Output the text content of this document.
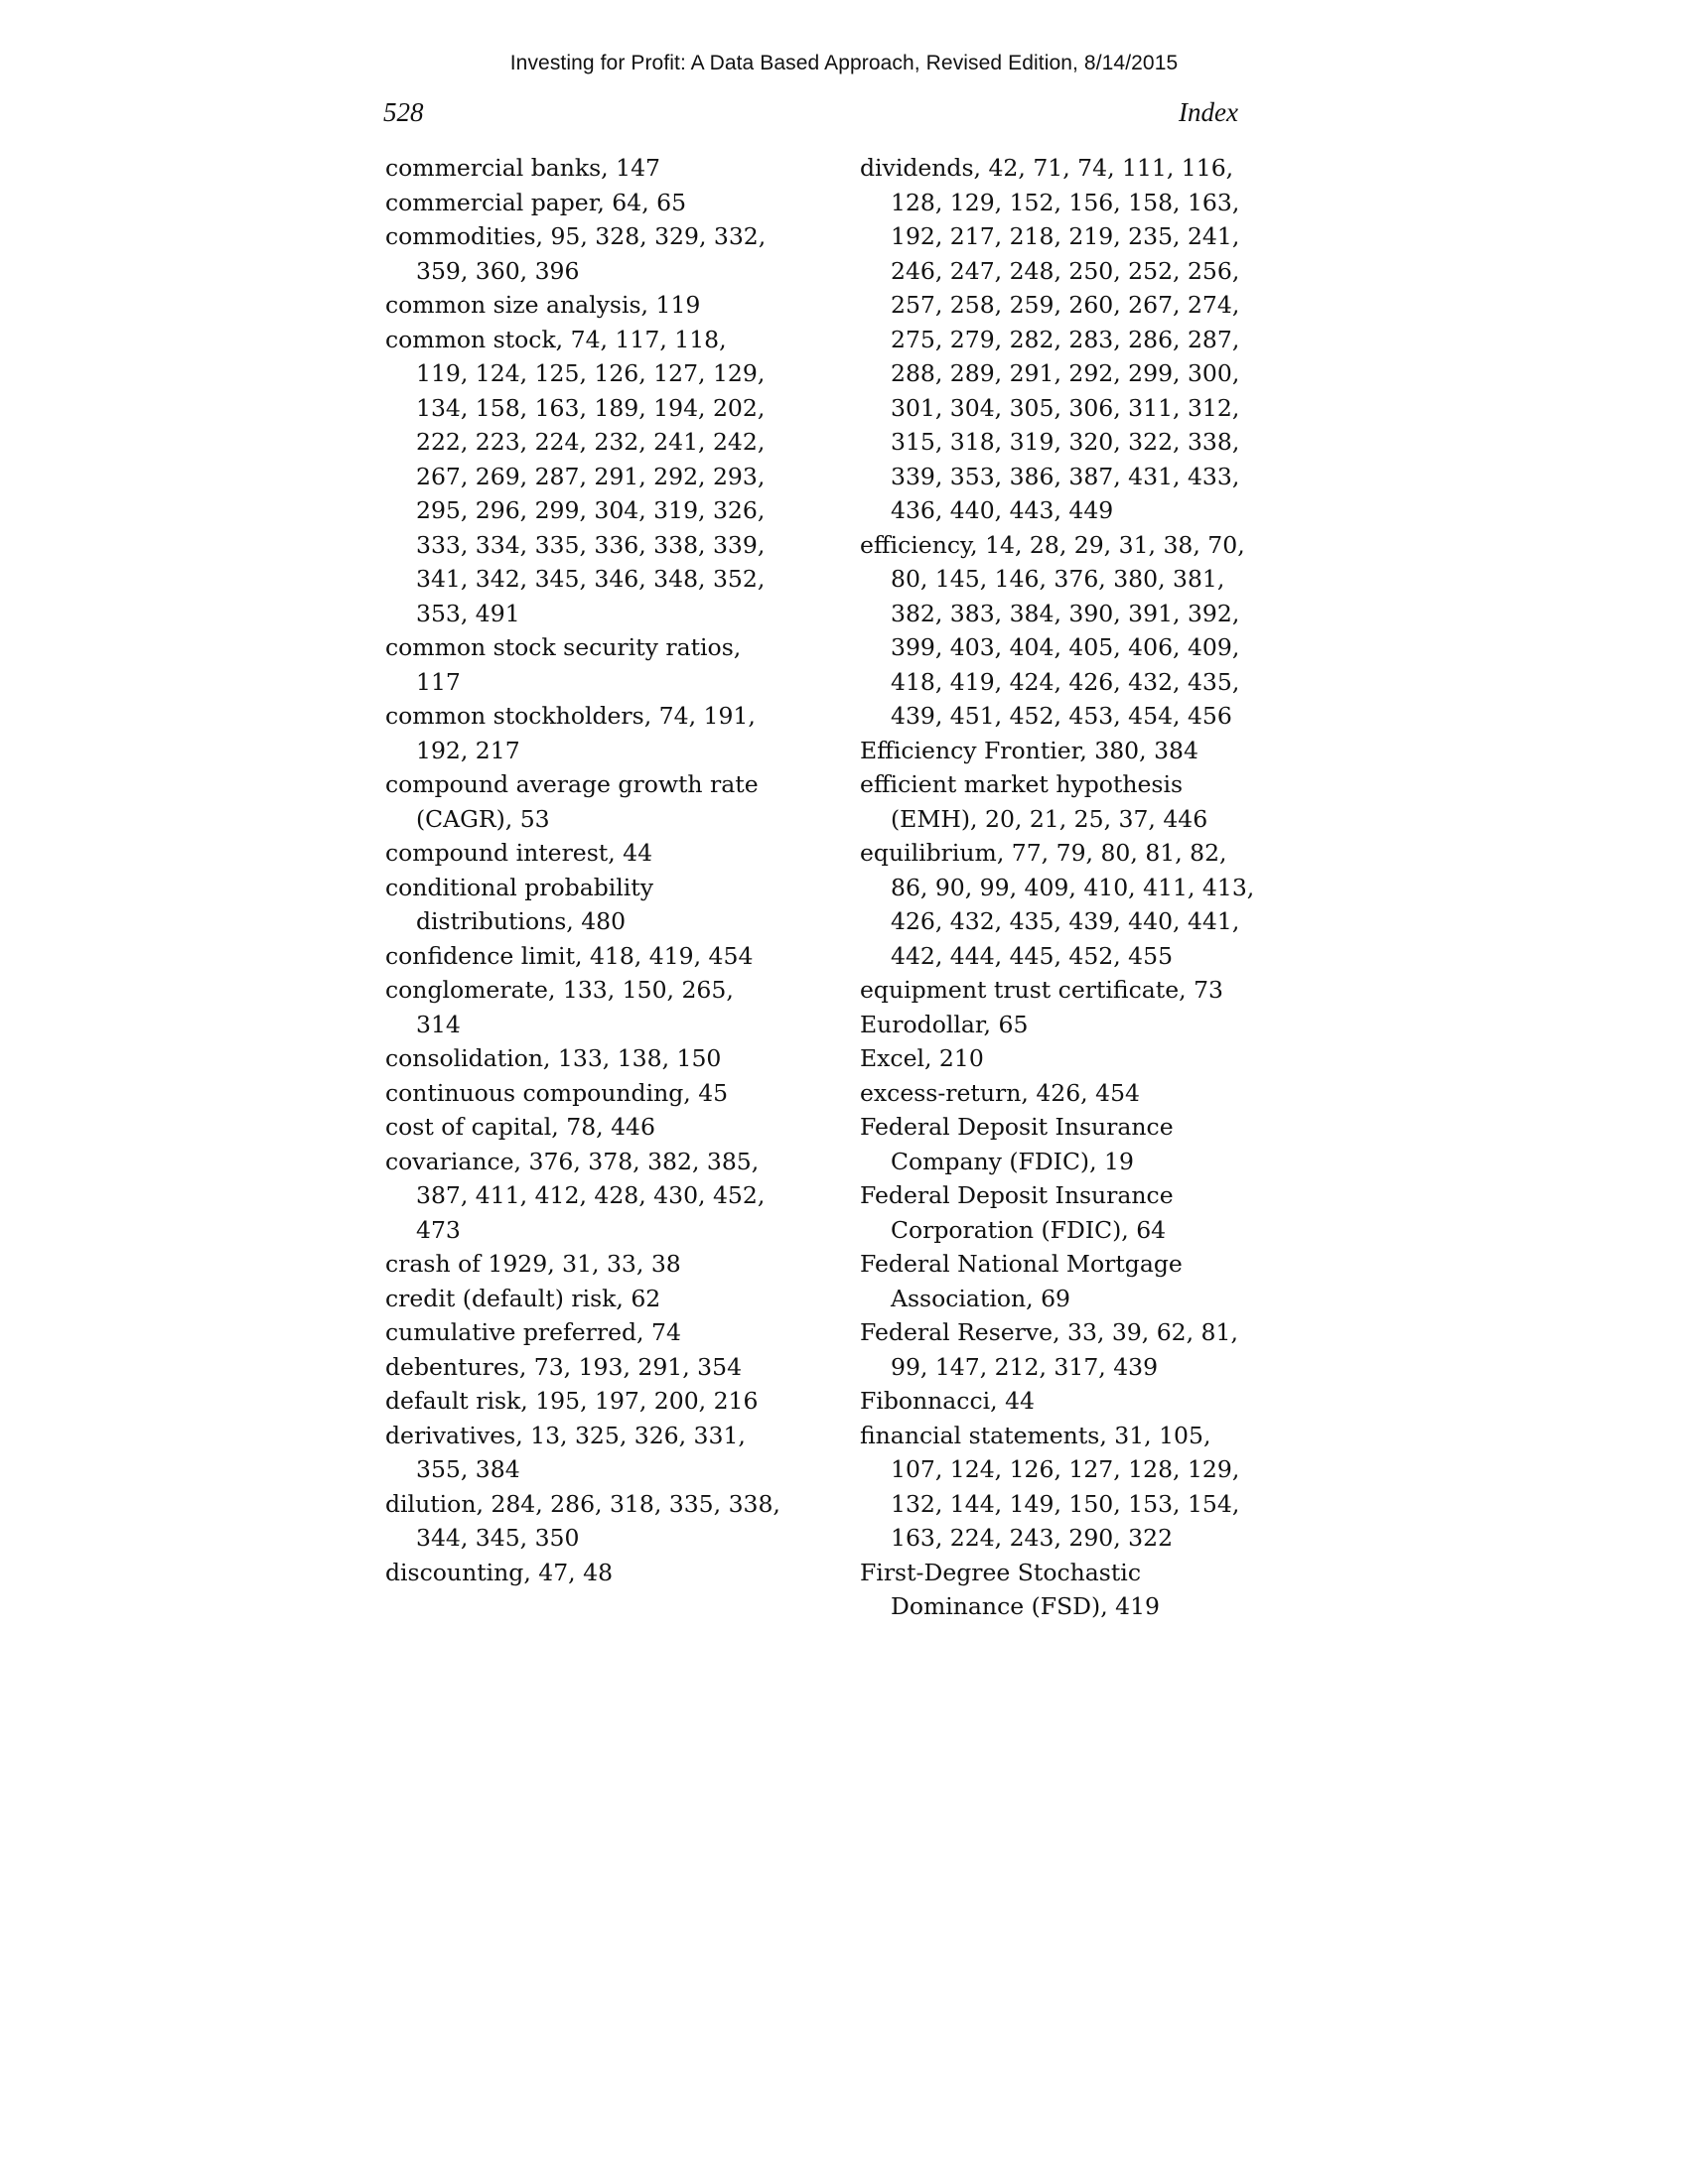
Investing for Profit: A Data Based Approach, Revised Edition, 8/14/2015
528	Index
commercial banks, 147
commercial paper, 64, 65
commodities, 95, 328, 329, 332, 359, 360, 396
common size analysis, 119
common stock, 74, 117, 118, 119, 124, 125, 126, 127, 129, 134, 158, 163, 189, 194, 202, 222, 223, 224, 232, 241, 242, 267, 269, 287, 291, 292, 293, 295, 296, 299, 304, 319, 326, 333, 334, 335, 336, 338, 339, 341, 342, 345, 346, 348, 352, 353, 491
common stock security ratios, 117
common stockholders, 74, 191, 192, 217
compound average growth rate (CAGR), 53
compound interest, 44
conditional probability distributions, 480
confidence limit, 418, 419, 454
conglomerate, 133, 150, 265, 314
consolidation, 133, 138, 150
continuous compounding, 45
cost of capital, 78, 446
covariance, 376, 378, 382, 385, 387, 411, 412, 428, 430, 452, 473
crash of 1929, 31, 33, 38
credit (default) risk, 62
cumulative preferred, 74
debentures, 73, 193, 291, 354
default risk, 195, 197, 200, 216
derivatives, 13, 325, 326, 331, 355, 384
dilution, 284, 286, 318, 335, 338, 344, 345, 350
discounting, 47, 48
dividends, 42, 71, 74, 111, 116, 128, 129, 152, 156, 158, 163, 192, 217, 218, 219, 235, 241, 246, 247, 248, 250, 252, 256, 257, 258, 259, 260, 267, 274, 275, 279, 282, 283, 286, 287, 288, 289, 291, 292, 299, 300, 301, 304, 305, 306, 311, 312, 315, 318, 319, 320, 322, 338, 339, 353, 386, 387, 431, 433, 436, 440, 443, 449
efficiency, 14, 28, 29, 31, 38, 70, 80, 145, 146, 376, 380, 381, 382, 383, 384, 390, 391, 392, 399, 403, 404, 405, 406, 409, 418, 419, 424, 426, 432, 435, 439, 451, 452, 453, 454, 456
Efficiency Frontier, 380, 384
efficient market hypothesis (EMH), 20, 21, 25, 37, 446
equilibrium, 77, 79, 80, 81, 82, 86, 90, 99, 409, 410, 411, 413, 426, 432, 435, 439, 440, 441, 442, 444, 445, 452, 455
equipment trust certificate, 73
Eurodollar, 65
Excel, 210
excess-return, 426, 454
Federal Deposit Insurance Company (FDIC), 19
Federal Deposit Insurance Corporation (FDIC), 64
Federal National Mortgage Association, 69
Federal Reserve, 33, 39, 62, 81, 99, 147, 212, 317, 439
Fibonnacci, 44
financial statements, 31, 105, 107, 124, 126, 127, 128, 129, 132, 144, 149, 150, 153, 154, 163, 224, 243, 290, 322
First-Degree Stochastic Dominance (FSD), 419
